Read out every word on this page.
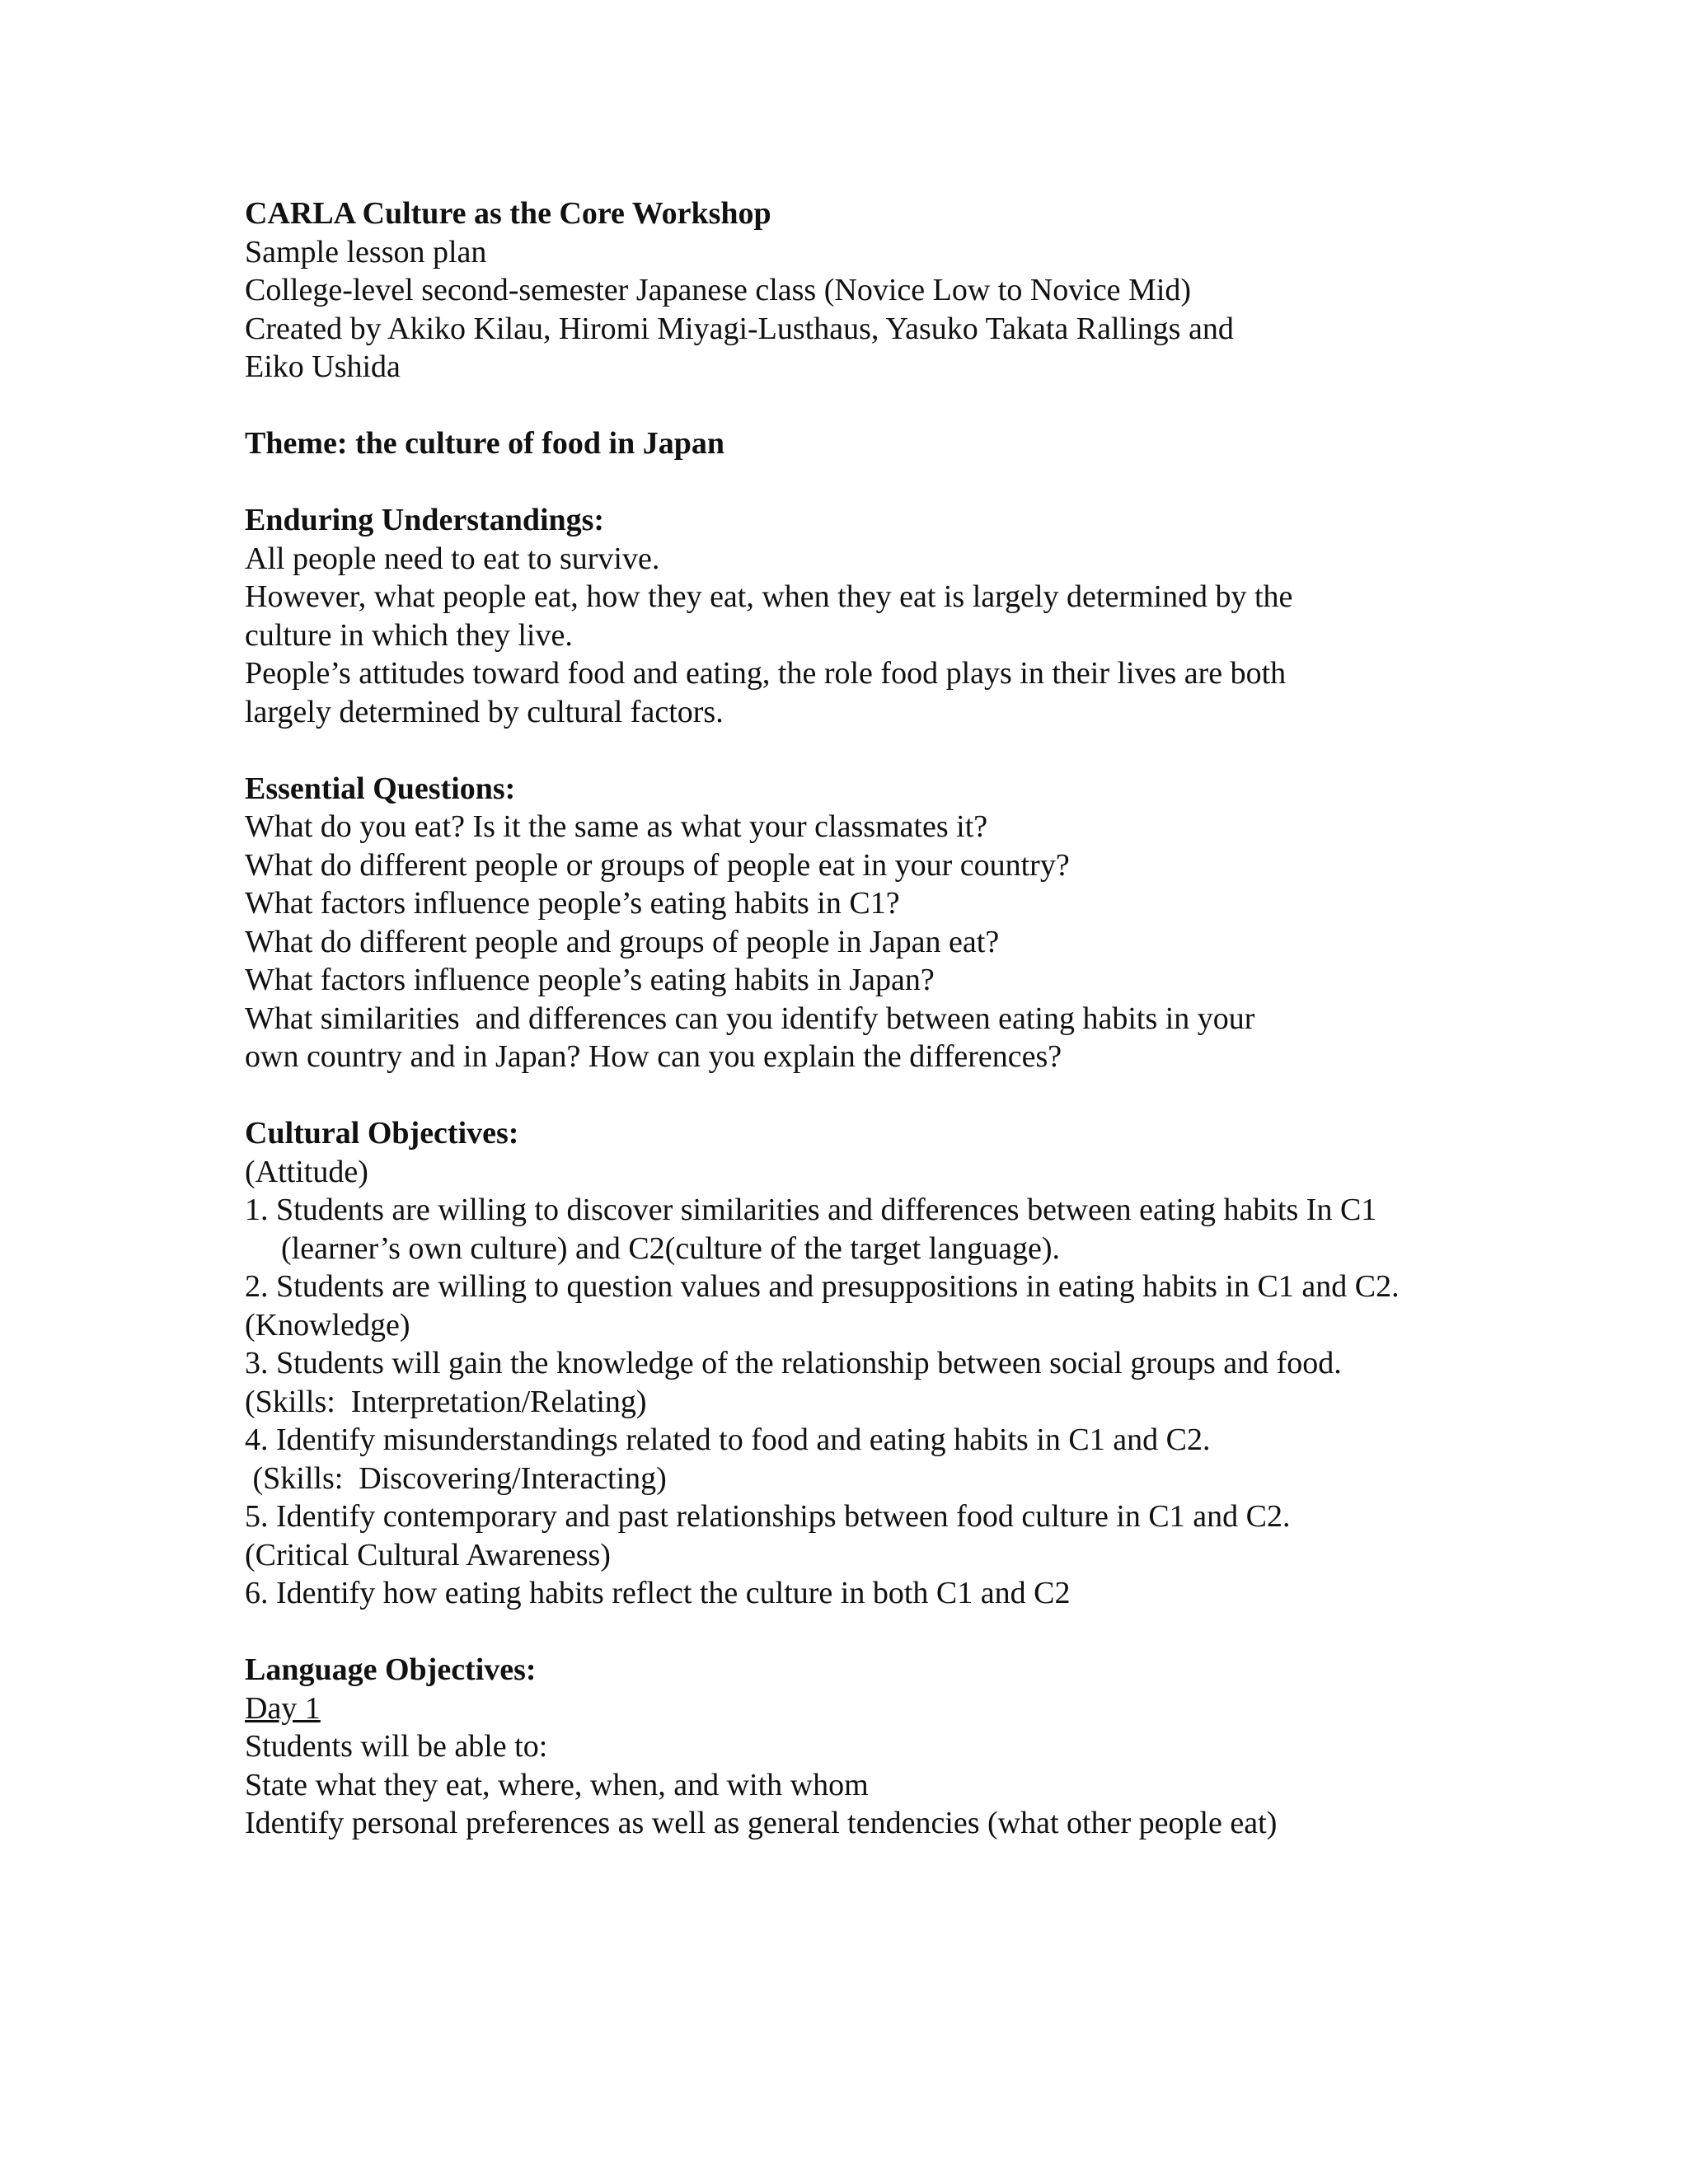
CARLA Culture as the Core Workshop
Sample lesson plan
College-level second-semester Japanese class (Novice Low to Novice Mid)
Created by Akiko Kilau, Hiromi Miyagi-Lusthaus, Yasuko Takata Rallings and
Eiko Ushida
Theme: the culture of food in Japan
Enduring Understandings:
All people need to eat to survive.
However, what people eat, how they eat, when they eat is largely determined by the
culture in which they live.
People’s attitudes toward food and eating, the role food plays in their lives are both
largely determined by cultural factors.
Essential Questions:
What do you eat? Is it the same as what your classmates it?
What do different people or groups of people eat in your country?
What factors influence people’s eating habits in C1?
What do different people and groups of people in Japan eat?
What factors influence people’s eating habits in Japan?
What similarities  and differences can you identify between eating habits in your
own country and in Japan? How can you explain the differences?
Cultural Objectives:
(Attitude)
1. Students are willing to discover similarities and differences between eating habits In C1 (learner’s own culture) and C2(culture of the target language).
2. Students are willing to question values and presuppositions in eating habits in C1 and C2.
(Knowledge)
3. Students will gain the knowledge of the relationship between social groups and food.
(Skills:  Interpretation/Relating)
4. Identify misunderstandings related to food and eating habits in C1 and C2.
(Skills:  Discovering/Interacting)
5. Identify contemporary and past relationships between food culture in C1 and C2.
(Critical Cultural Awareness)
6. Identify how eating habits reflect the culture in both C1 and C2
Language Objectives:
Day 1
Students will be able to:
State what they eat, where, when, and with whom
Identify personal preferences as well as general tendencies (what other people eat)
